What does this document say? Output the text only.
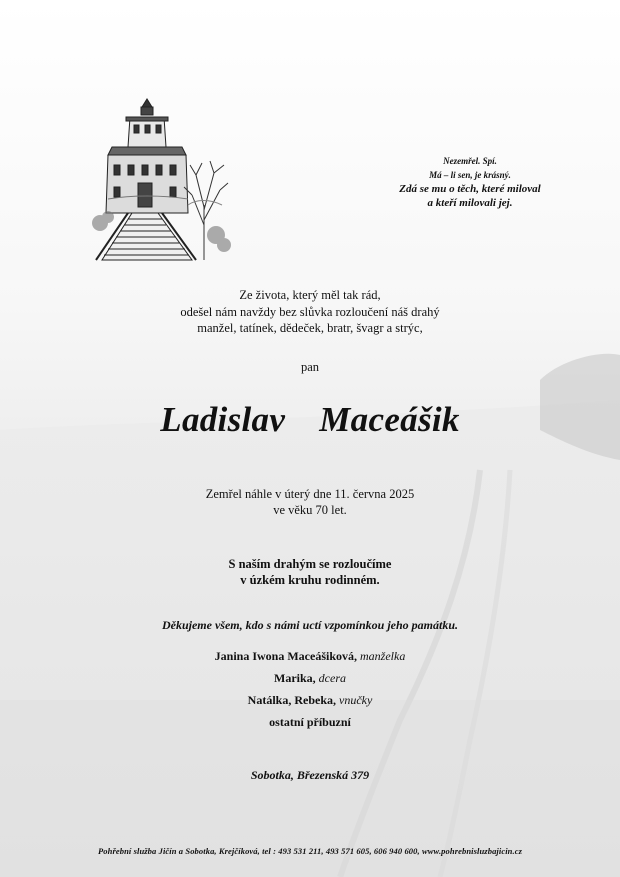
Nezemřel. Spí.
Má – li sen, je krásný.
Zdá se mu o těch, které miloval
a kteří milovali jej.
Ze života, který měl tak rád,
odešel nám navždy bez slůvka rozloučení náš drahý
manžel, tatínek, dědeček, bratr, švagr a strýc,
pan
Ladislav  Maceášik
Zemřel náhle v úterý dne 11. června 2025
ve věku 70 let.
S naším drahým se rozloučíme
v úzkém kruhu rodinném.
Děkujeme všem, kdo s námi uctí vzpomínkou jeho památku.
Janina Iwona Maceášiková, manželka
Marika, dcera
Natálka, Rebeka, vnučky
ostatní příbuzní
Sobotka, Březenská 379
Pohřební služba Jičín a Sobotka, Krejčíková, tel : 493 531 211, 493 571 605, 606 940 600, www.pohrebnisluzbajicin.cz
